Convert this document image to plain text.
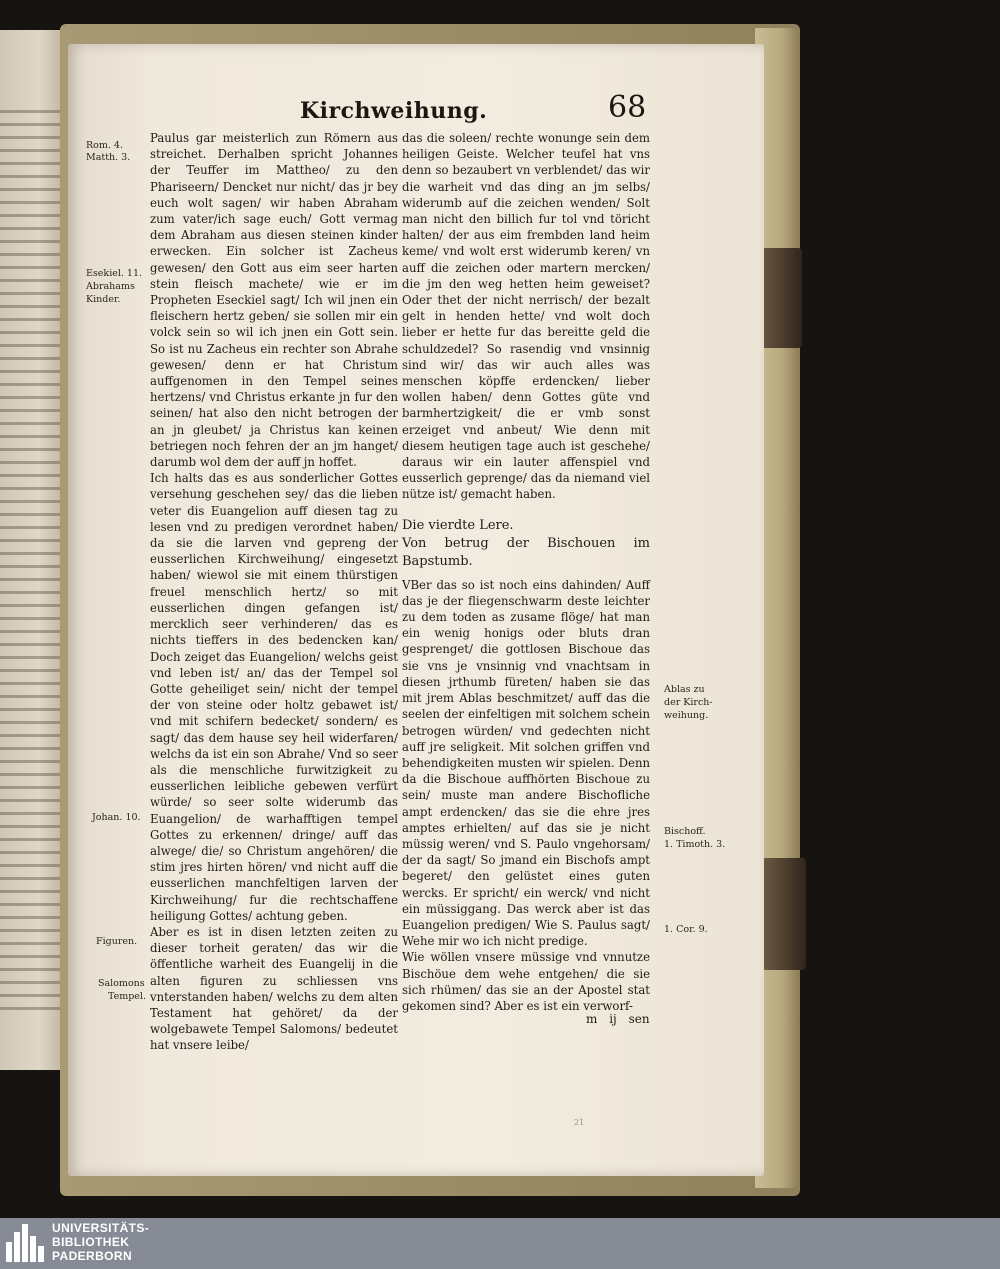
Kirchweihung.	68
Rom. 4.
Matth. 3.
Esekiel. 11.
Abrahams
Kinder.
Johan. 10.
Figuren.
Salomons
Tempel.

Paulus gar meisterlich zun Römern aus streichet. Derhalben spricht Johannes der Teuffer im Mattheo/ zu den Phariseern/ Dencket nur nicht/ das jr bey euch wolt sagen/ wir haben Abraham zum vater/ich sage euch/ Gott vermag dem Abraham aus diesen steinen kinder erwecken. Ein solcher ist Zacheus gewesen/ den Gott aus eim seer harten stein fleisch machete/ wie er im Propheten Eseckiel sagt/ Ich wil jnen ein fleischern hertz geben/ sie sollen mir ein volck sein so wil ich jnen ein Gott sein. So ist nu Zacheus ein rechter son Abrahe gewesen/ denn er hat Christum auffgenomen in den Tempel seines hertzens/ vnd Christus erkante jn fur den seinen/ hat also den nicht betrogen der an jn gleubet/ ja Christus kan keinen betriegen noch fehren der an jm hanget/ darumb wol dem der auff jn hoffet.

Ich halts das es aus sonderlicher Gottes versehung geschehen sey/ das die lieben veter dis Euangelion auff diesen tag zu lesen vnd zu predigen verordnet haben/ da sie die larven vnd gepreng der eusserlichen Kirchweihung/ eingesetzt haben/ wiewol sie mit einem thürstigen freuel menschlich hertz/ so mit eusserlichen dingen gefangen ist/ mercklich seer verhinderen/ das es nichts tieffers in des bedencken kan/ Doch zeiget das Euangelion/ welchs geist vnd leben ist/ an/ das der Tempel sol Gotte geheiliget sein/ nicht der tempel der von steine oder holtz gebawet ist/ vnd mit schifern bedecket/ sondern/ es sagt/ das dem hause sey heil widerfaren/ welchs da ist ein son Abrahe/ Vnd so seer als die menschliche furwitzigkeit zu eusserlichen leibliche gebewen verfürt würde/ so seer solte widerumb das Euangelion/ de warhafftigen tempel Gottes zu erkennen/ dringe/ auff das alwege/ die/ so Christum angehören/ die stim jres hirten hören/ vnd nicht auff die eusserlichen manchfeltigen larven der Kirchweihung/ fur die rechtschaffene heiligung Gottes/ achtung geben.

Aber es ist in disen letzten zeiten zu dieser torheit geraten/ das wir die öffentliche warheit des Euangelij in die alten figuren zu schliessen vns vnterstanden haben/ welchs zu dem alten Testament hat gehöret/ da der wolgebawete Tempel Salomons/ bedeutet hat vnsere leibe/

das die soleen/ rechte wonunge sein dem heiligen Geiste. Welcher teufel hat vns denn so bezaubert vn verblendet/ das wir die warheit vnd das ding an jm selbs/ widerumb auf die zeichen wenden/ Solt man nicht den billich fur tol vnd töricht halten/ der aus eim frembden land heim keme/ vnd wolt erst widerumb keren/ vn auff die zeichen oder martern mercken/ die jm den weg hetten heim geweiset? Oder thet der nicht nerrisch/ der bezalt gelt in henden hette/ vnd wolt doch lieber er hette fur das bereitte geld die schuldzedel? So rasendig vnd vnsinnig sind wir/ das wir auch alles was menschen köpffe erdencken/ lieber wollen haben/ denn Gottes güte vnd barmhertzigkeit/ die er vmb sonst erzeiget vnd anbeut/ Wie denn mit diesem heutigen tage auch ist geschehe/ daraus wir ein lauter affenspiel vnd eusserlich geprenge/ das da niemand viel nütze ist/ gemacht haben.

Die vierdte Lere.

Von betrug der Bischouen im Bapstumb.

VBer das so ist noch eins dahinden/ Auff das je der fliegenschwarm deste leichter zu dem toden as zusame flöge/ hat man ein wenig honigs oder bluts dran gesprenget/ die gottlosen Bischoue das sie vns je vnsinnig vnd vnachtsam in diesen jrthumb füreten/ haben sie das mit jrem Ablas beschmitzet/ auff das die seelen der einfeltigen mit solchem schein betrogen würden/ vnd gedechten nicht auff jre seligkeit. Mit solchen griffen vnd behendigkeiten musten wir spielen. Denn da die Bischoue auffhörten Bischoue zu sein/ muste man andere Bischofliche ampt erdencken/ das sie die ehre jres amptes erhielten/ auf das sie je nicht müssig weren/ vnd S. Paulo vngehorsam/ der da sagt/ So jmand ein Bischofs ampt begeret/ den gelüstet eines guten wercks. Er spricht/ ein werck/ vnd nicht ein müssiggang. Das werck aber ist das Euangelion predigen/ Wie S. Paulus sagt/ Wehe mir wo ich nicht predige.

Wie wöllen vnsere müssige vnd vnnutze Bischöue dem wehe entgehen/ die sie sich rhümen/ das sie an der Apostel stat gekomen sind? Aber es ist ein verworf-

m ij sen
Ablas zu
der Kirch-
weihung.
Bischoff.
1. Timoth. 3.
1. Cor. 9.
21
UNIVERSITÄTS-
BIBLIOTHEK
PADERBORN
